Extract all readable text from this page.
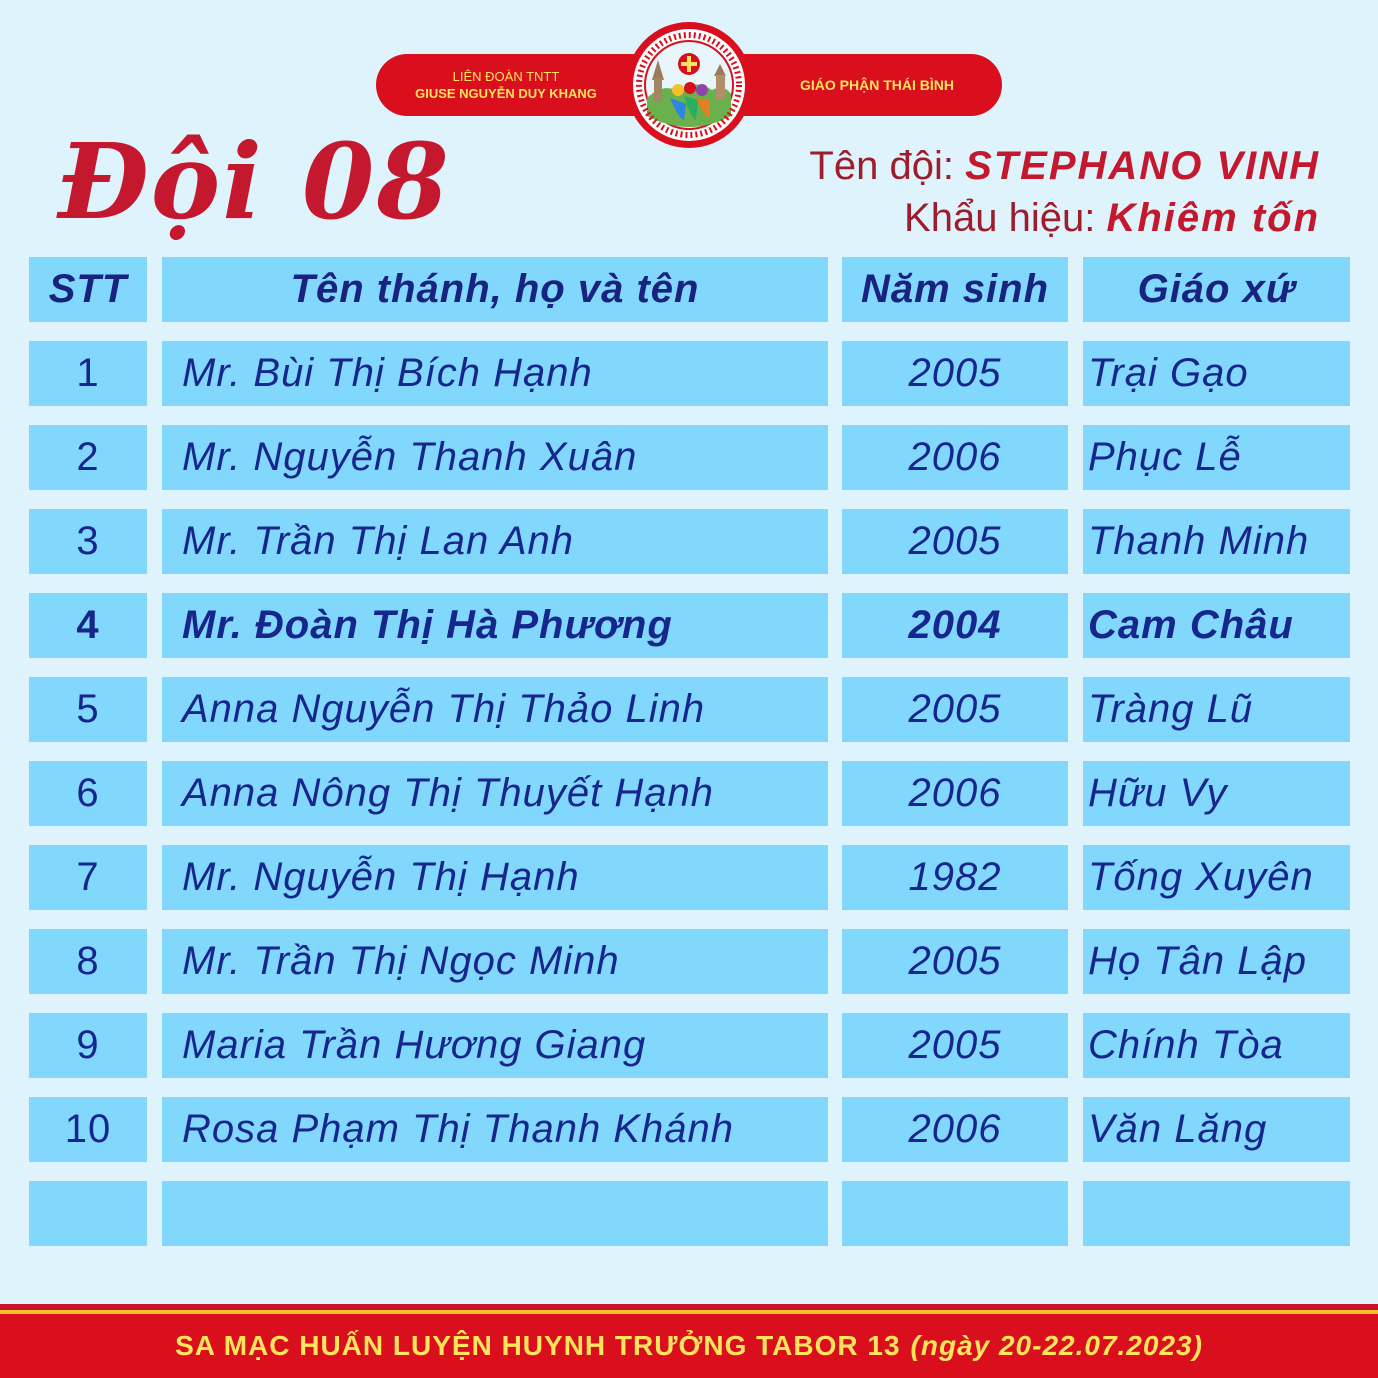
LIÊN ĐOÀN TNTT
GIUSE NGUYỄN DUY KHANG
GIÁO PHẬN THÁI BÌNH
Đội 08	Tên đội: STEPHANO VINH
Khẩu hiệu: Khiêm tốn
STT	Tên thánh, họ và tên	Năm sinh	Giáo xứ
1	Mr. Bùi Thị Bích Hạnh	2005	Trại Gạo
2	Mr. Nguyễn Thanh Xuân	2006	Phục Lễ
3	Mr. Trần Thị Lan Anh	2005	Thanh Minh
4	Mr. Đoàn Thị Hà Phương	2004	Cam Châu
5	Anna Nguyễn Thị Thảo Linh	2005	Tràng Lũ
6	Anna Nông Thị Thuyết Hạnh	2006	Hữu Vy
7	Mr. Nguyễn Thị Hạnh	1982	Tống Xuyên
8	Mr. Trần Thị Ngọc Minh	2005	Họ Tân Lập
9	Maria Trần Hương Giang	2005	Chính Tòa
10	Rosa Phạm Thị Thanh Khánh	2006	Văn Lăng
SA MẠC HUẤN LUYỆN HUYNH TRƯỞNG TABOR 13 (ngày 20-22.07.2023)
